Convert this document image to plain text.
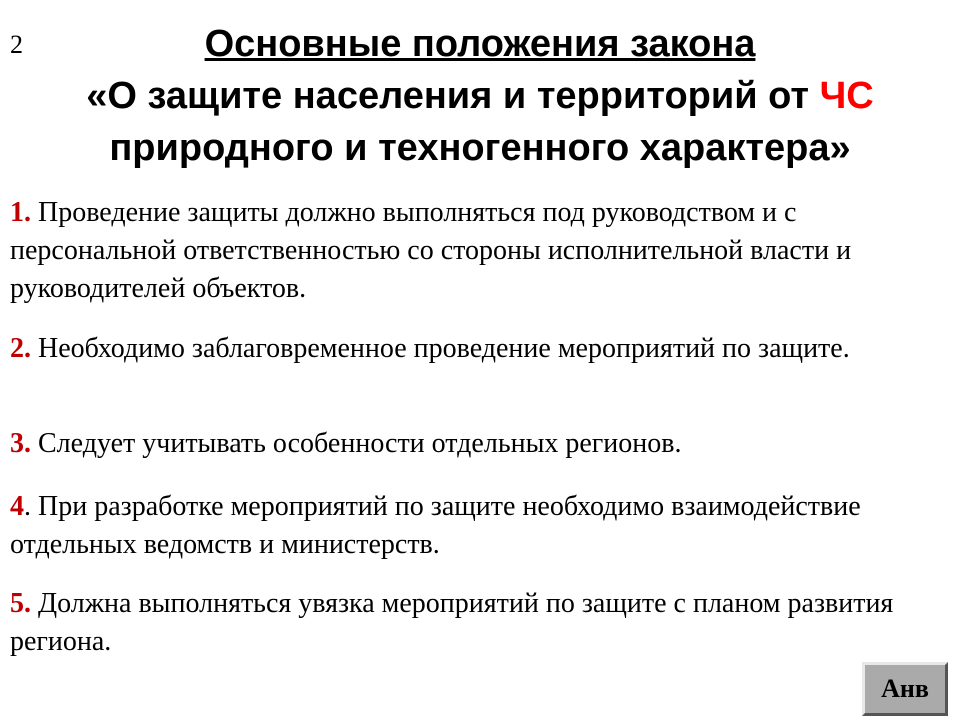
2	Основные положения закона
«О защите населения и территорий от ЧС
природного и техногенного характера»
1. Проведение защиты должно выполняться под руководством и с персональной ответственностью со стороны исполнительной власти и руководителей объектов.
2. Необходимо заблаговременное проведение мероприятий по защите.
3. Следует учитывать особенности отдельных регионов.
4. При разработке мероприятий по защите необходимо взаимодействие отдельных ведомств и министерств.
5. Должна выполняться увязка мероприятий по защите с планом развития региона.
Анв
